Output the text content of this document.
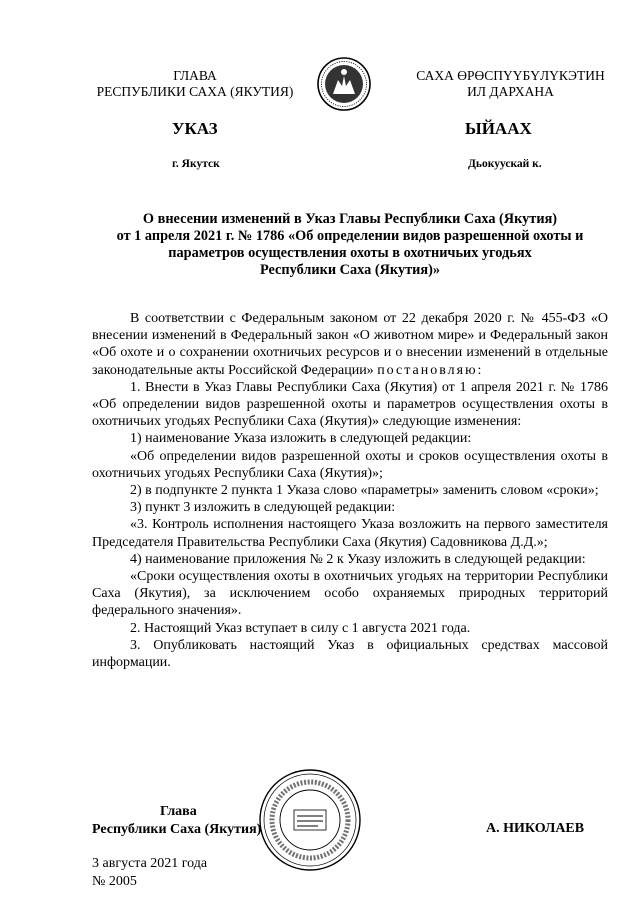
ГЛАВА
РЕСПУБЛИКИ САХА (ЯКУТИЯ)
САХА ӨРӨСПҮҮБҮЛҮКЭТИН
ИЛ ДАРХАНА
УКАЗ	ЫЙААХ
г. Якутск	Дьокуускай к.
О внесении изменений в Указ Главы Республики Саха (Якутия)
от 1 апреля 2021 г. № 1786 «Об определении видов разрешенной охоты и
параметров осуществления охоты в охотничьих угодьях
Республики Саха (Якутия)»

В соответствии с Федеральным законом от 22 декабря 2020 г. № 455-ФЗ «О внесении изменений в Федеральный закон «О животном мире» и Федеральный закон «Об охоте и о сохранении охотничьих ресурсов и о внесении изменений в отдельные законодательные акты Российской Федерации» постановляю:

1. Внести в Указ Главы Республики Саха (Якутия) от 1 апреля 2021 г. № 1786 «Об определении видов разрешенной охоты и параметров осуществления охоты в охотничьих угодьях Республики Саха (Якутия)» следующие изменения:

1) наименование Указа изложить в следующей редакции:

«Об определении видов разрешенной охоты и сроков осуществления охоты в охотничьих угодьях Республики Саха (Якутия)»;

2) в подпункте 2 пункта 1 Указа слово «параметры» заменить словом «сроки»;

3) пункт 3 изложить в следующей редакции:

«3. Контроль исполнения настоящего Указа возложить на первого заместителя Председателя Правительства Республики Саха (Якутия) Садовникова Д.Д.»;

4) наименование приложения № 2 к Указу изложить в следующей редакции:

«Сроки осуществления охоты в охотничьих угодьях на территории Республики Саха (Якутия), за исключением особо охраняемых природных территорий федерального значения».

2. Настоящий Указ вступает в силу с 1 августа 2021 года.

3. Опубликовать настоящий Указ в официальных средствах массовой информации.

Глава
Республики Саха (Якутия)	А. НИКОЛАЕВ
3 августа 2021 года
№ 2005
